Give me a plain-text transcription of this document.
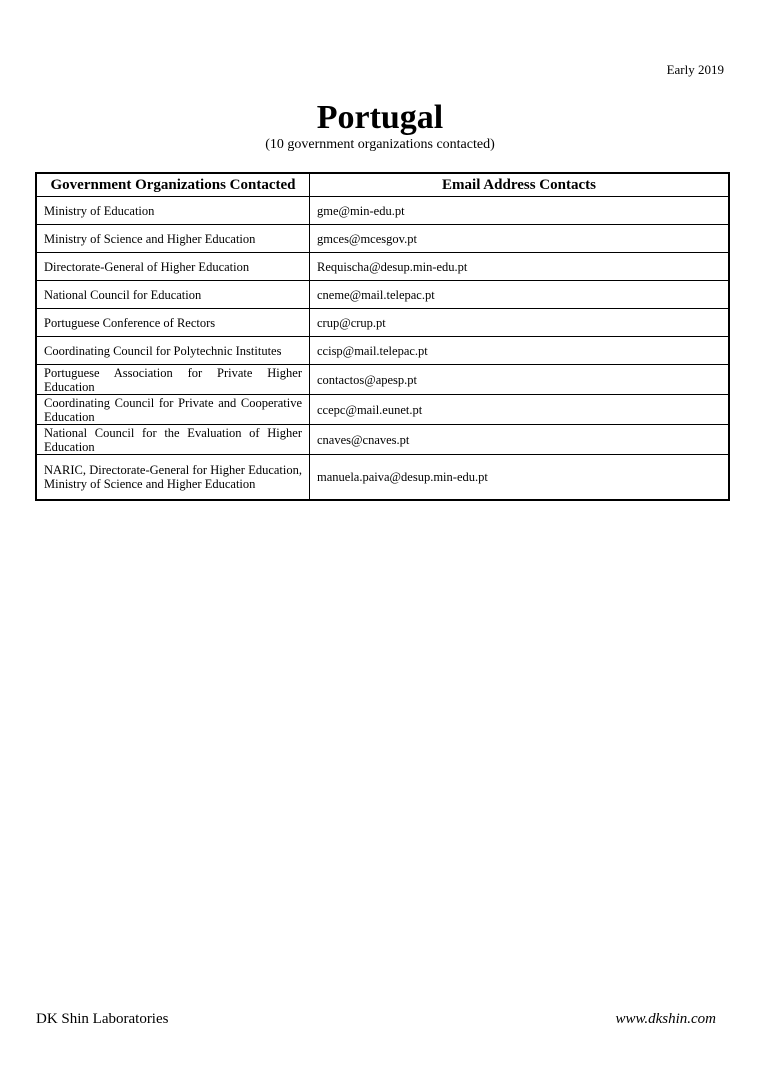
Early 2019
Portugal
(10 government organizations contacted)
Government Organizations Contacted	Email Address Contacts
Ministry of Education	gme@min-edu.pt
Ministry of Science and Higher Education	gmces@mcesgov.pt
Directorate-General of Higher Education	Requischa@desup.min-edu.pt
National Council for Education	cneme@mail.telepac.pt
Portuguese Conference of Rectors	crup@crup.pt
Coordinating Council for Polytechnic Institutes	ccisp@mail.telepac.pt
Portuguese Association for Private Higher Education	contactos@apesp.pt
Coordinating Council for Private and Cooperative Education	ccepc@mail.eunet.pt
National Council for the Evaluation of Higher Education	cnaves@cnaves.pt
NARIC, Directorate-General for Higher Education, Ministry of Science and Higher Education	manuela.paiva@desup.min-edu.pt
DK Shin Laboratories	www.dkshin.com
